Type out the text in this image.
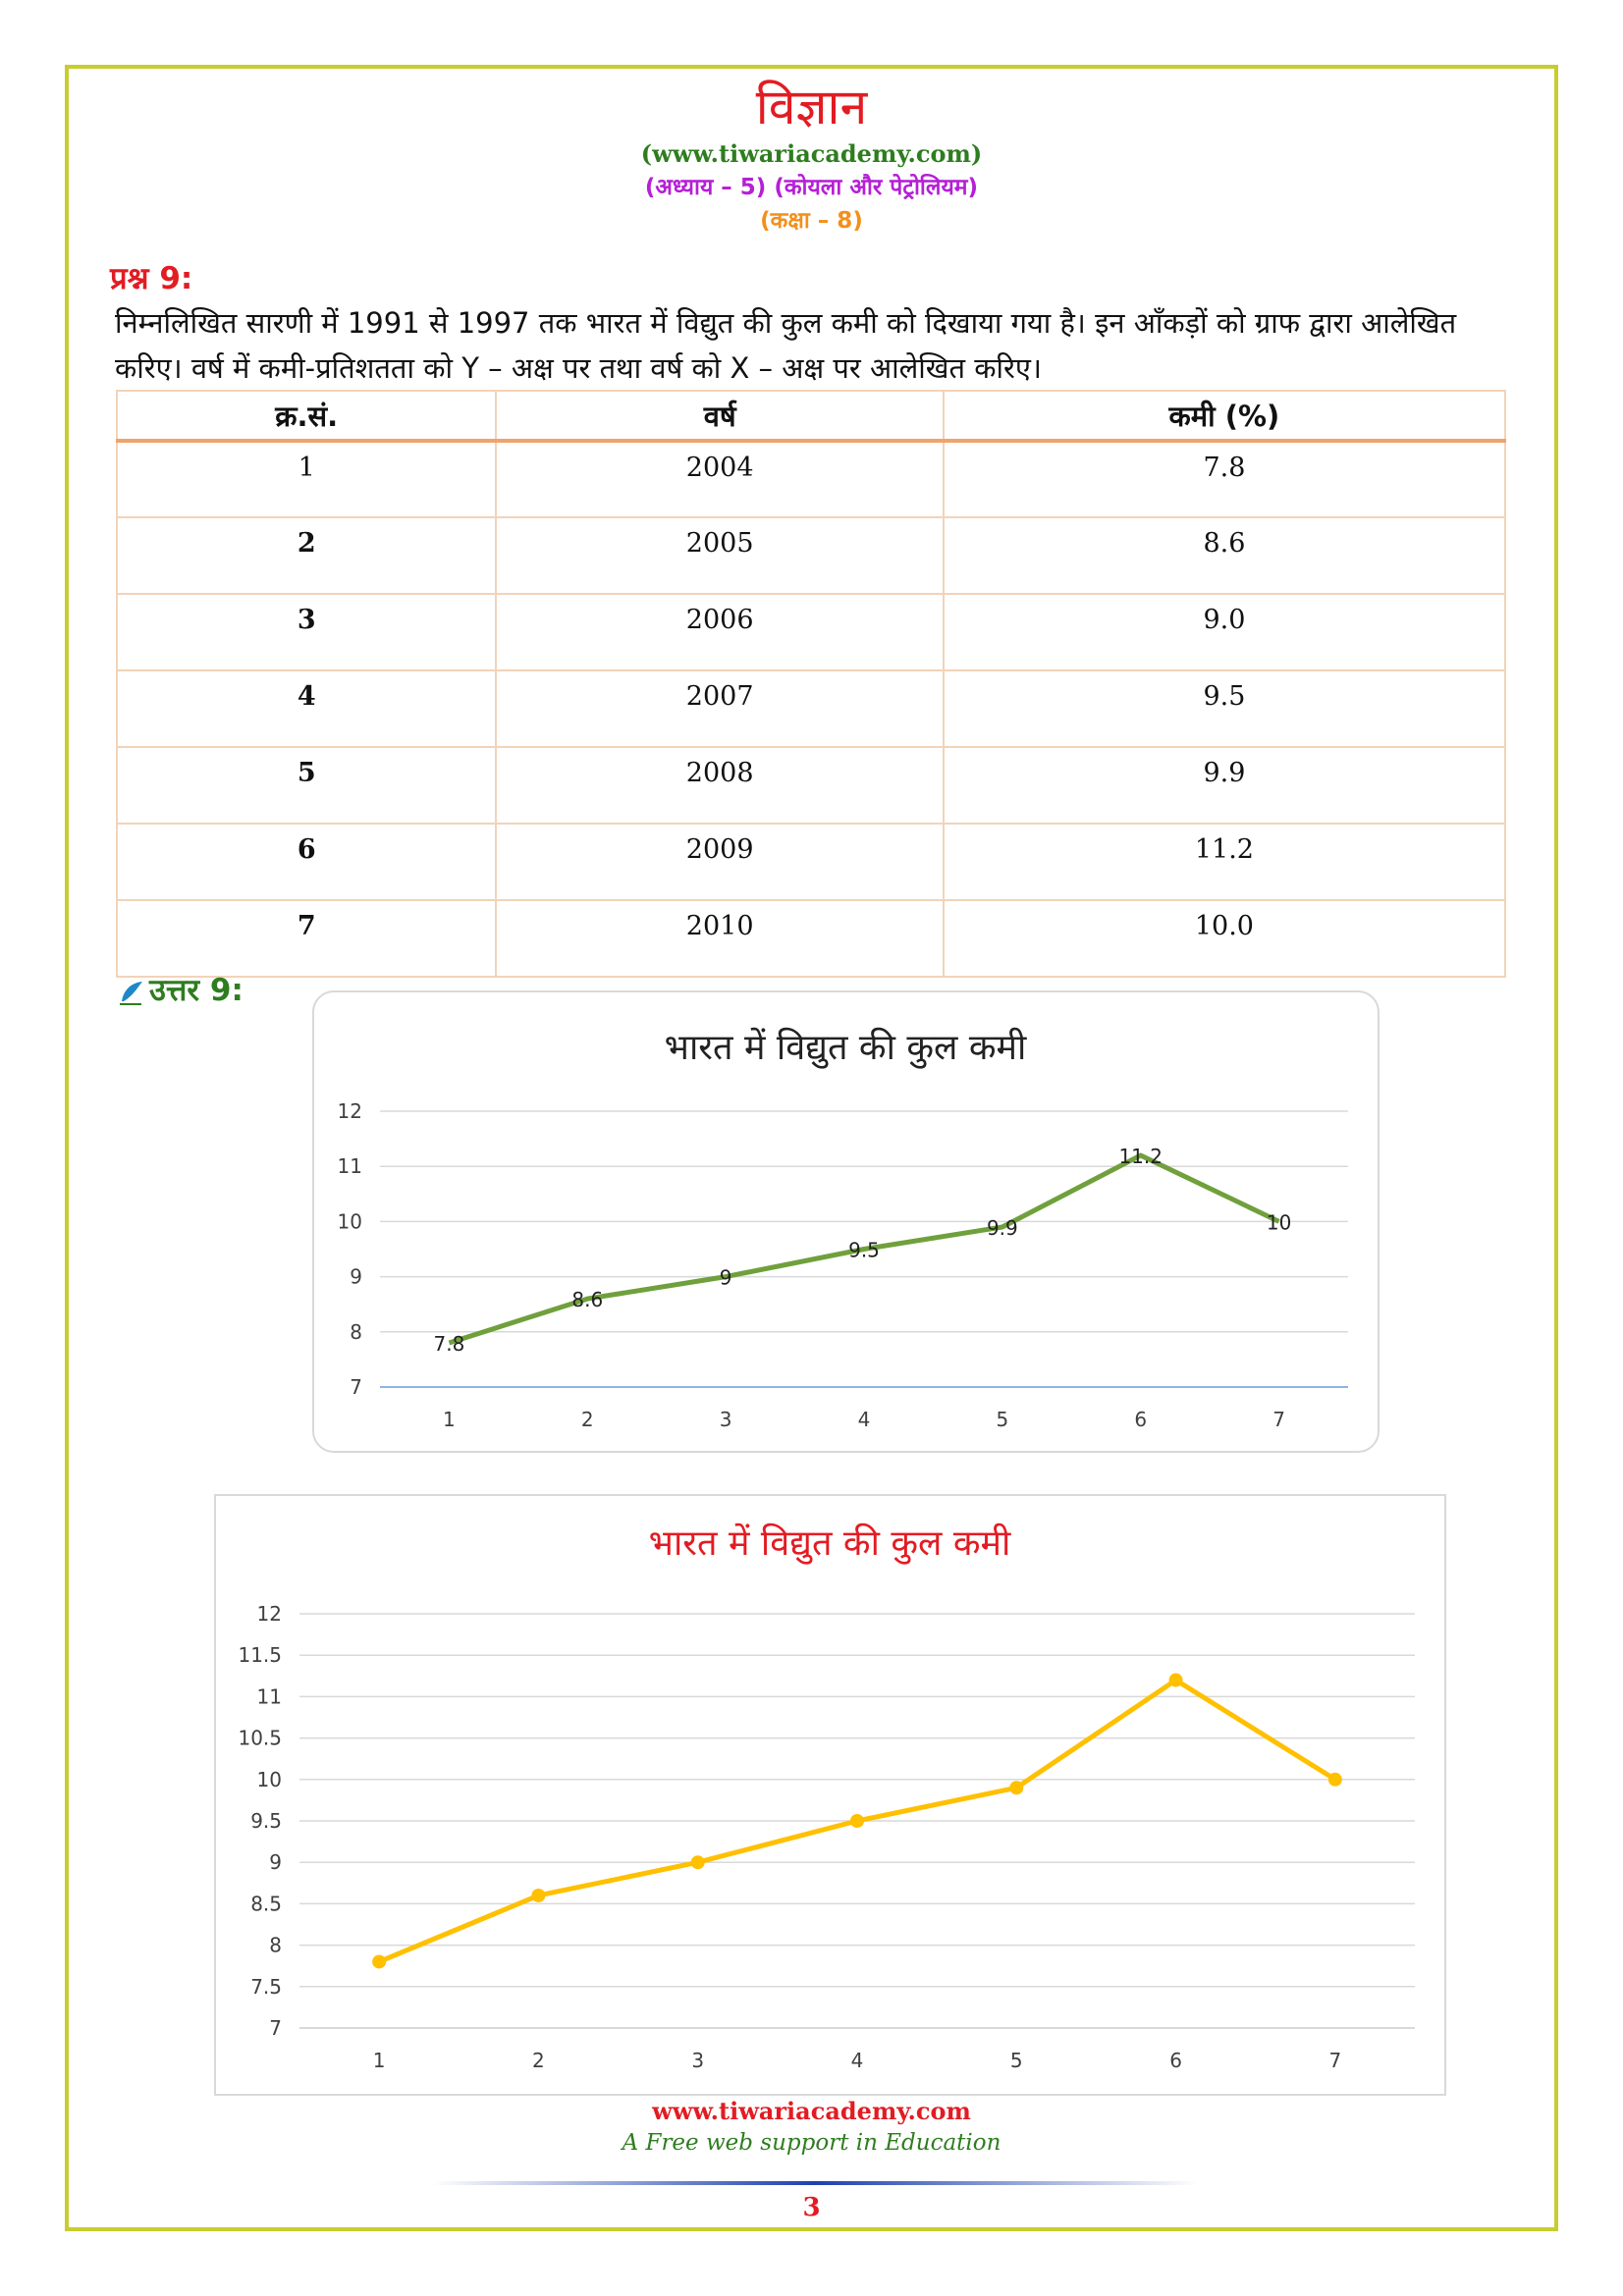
विज्ञान
(www.tiwariacademy.com)
(अध्याय – 5) (कोयला और पेट्रोलियम)
(कक्षा – 8)
प्रश्न 9:
निम्नलिखित सारणी में 1991 से 1997 तक भारत में विद्युत की कुल कमी को दिखाया गया है। इन आँकड़ों को ग्राफ द्वारा आलेखित करिए। वर्ष में कमी-प्रतिशतता को Y – अक्ष पर तथा वर्ष को X – अक्ष पर आलेखित करिए।
क्र.सं.	वर्ष	कमी (%)
1	2004	7.8
2	2005	8.6
3	2006	9.0
4	2007	9.5
5	2008	9.9
6	2009	11.2
7	2010	10.0
उत्तर 9:
भारत में विद्युत की कुल कमी
7
8
9
10
11
12
1	2	3	4	5	6	7
7.8
8.6
9
9.5
9.9
11.2
10
भारत में विद्युत की कुल कमी
7
7.5
8
8.5
9
9.5
10
10.5
11
11.5
12
1	2	3	4	5	6	7
www.tiwariacademy.com
A Free web support in Education
3
